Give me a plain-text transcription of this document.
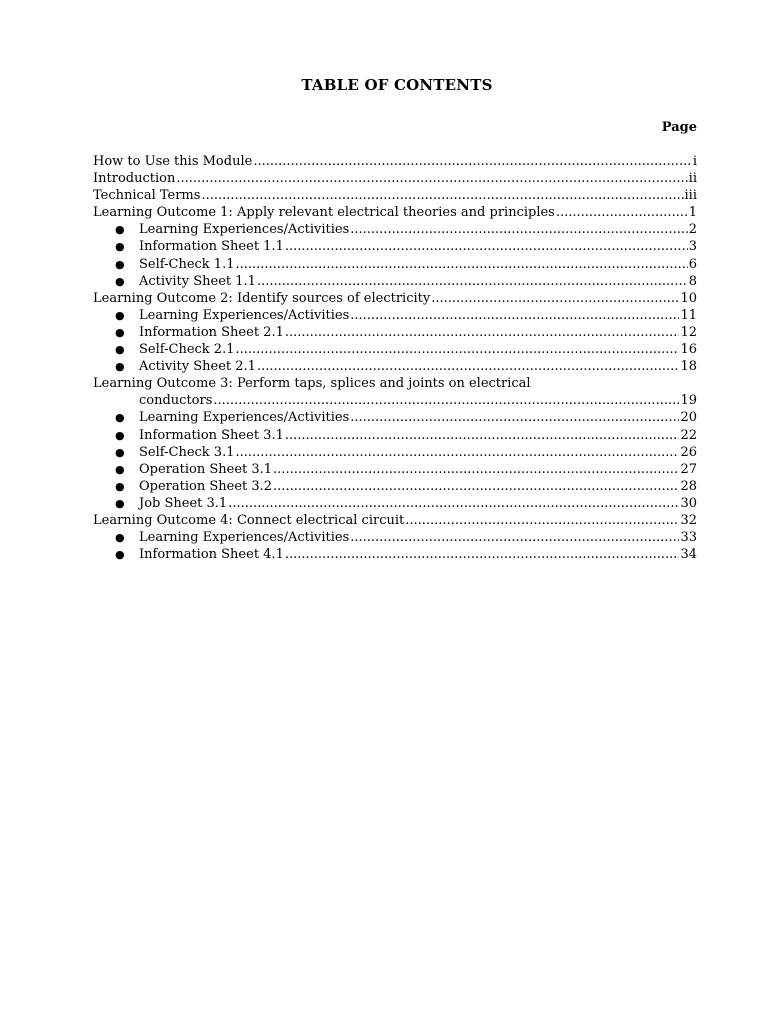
TABLE OF CONTENTS
Page
How to Use this Module .....	i
Introduction .....	ii
Technical Terms .....	iii
Learning Outcome 1: Apply relevant electrical theories and principles .....	1
● Learning Experiences/Activities .....	2
● Information Sheet 1.1 .....	3
● Self-Check 1.1 .....	6
● Activity Sheet 1.1 .....	8
Learning Outcome 2: Identify sources of electricity .....	10
● Learning Experiences/Activities .....	11
● Information Sheet 2.1 .....	12
● Self-Check 2.1 .....	16
● Activity Sheet 2.1 .....	18
Learning Outcome 3: Perform taps, splices and joints on electrical
conductors .....	19
● Learning Experiences/Activities .....	20
● Information Sheet 3.1 .....	22
● Self-Check 3.1 .....	26
● Operation Sheet 3.1 .....	27
● Operation Sheet 3.2 .....	28
● Job Sheet 3.1 .....	30
Learning Outcome 4: Connect electrical circuit .....	32
● Learning Experiences/Activities .....	33
● Information Sheet 4.1 .....	34
